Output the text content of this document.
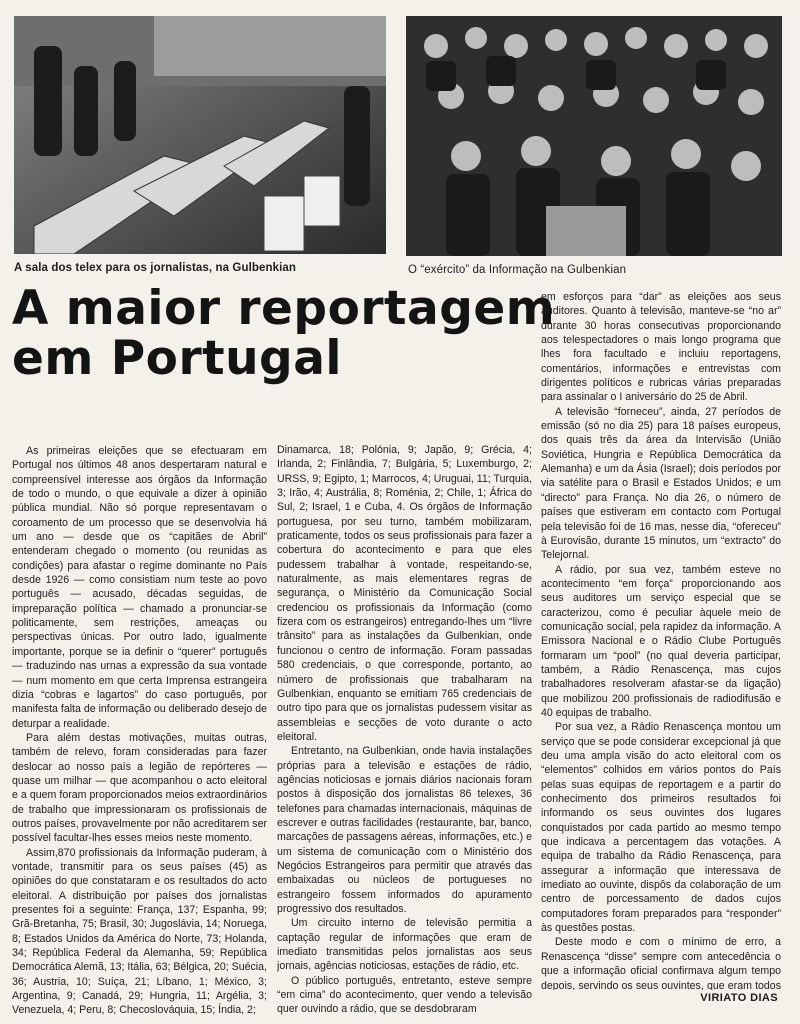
A sala dos telex para os jornalistas, na Gulbenkian	O “exército” da Informação na Gulbenkian
A maior reportagem
em Portugal

As primeiras eleições que se efectuaram em Portugal nos últimos 48 anos despertaram natural e compreensível interesse aos órgãos da Informação de todo o mundo, o que equivale a dizer à opinião pública mundial. Não só porque representavam o coroamento de um processo que se desenvolvia há um ano — desde que os “capitães de Abril” entenderam chegado o momento (ou reunidas as condições) para afastar o regime dominante no País desde 1926 — como consistiam num teste ao povo português — acusado, décadas seguidas, de impreparação política — chamado a pronunciar-se politicamente, sem restrições, ameaças ou perspectivas únicas. Por outro lado, igualmente importante, porque se ia definir o “querer” português — traduzindo nas urnas a expressão da sua vontade — num momento em que certa Imprensa estrangeira dizia “cobras e lagartos” do caso português, por manifesta falta de informação ou deliberado desejo de deturpar a realidade.

Para além destas motivações, muitas outras, também de relevo, foram consideradas para fazer deslocar ao nosso país a legião de repórteres — quase um milhar — que acompanhou o acto eleitoral e a quem foram proporcionados meios extraordinários de trabalho que impressionaram os profissionais de outros países, provavelmente por não acreditarem ser possível facultar-lhes esses meios neste momento.

Assim,870 profissionais da Informação puderam, à vontade, transmitir para os seus países (45) as opiniões do que constataram e os resultados do acto eleitoral. A distribuição por países dos jornalistas presentes foi a seguinte: França, 137; Espanha, 99; Grã-Bretanha, 75; Brasil, 30; Jugoslávia, 14; Noruega, 8; Estados Unidos da América do Norte, 73; Holanda, 34; República Federal da Alemanha, 59; República Democrática Alemã, 13; Itália, 63; Bélgica, 20; Suécia, 36; Austria, 10; Suíça, 21; Líbano, 1; México, 3; Argentina, 9; Canadá, 29; Hungria, 11; Argélia, 3; Venezuela, 4; Peru, 8; Checoslováquia, 15; Índia, 2;

Dinamarca, 18; Polónia, 9; Japão, 9; Grécia, 4; Irlanda, 2; Finlândia, 7; Bulgária, 5; Luxemburgo, 2; URSS, 9; Egipto, 1; Marrocos, 4; Uruguai, 11; Turquia, 3; Irão, 4; Austrália, 8; Roménia, 2; Chile, 1; África do Sul, 2; Israel, 1 e Cuba, 4. Os órgãos de Informação portuguesa, por seu turno, também mobilizaram, praticamente, todos os seus profissionais para fazer a cobertura do acontecimento e para que eles pudessem trabalhar à vontade, respeitando-se, naturalmente, as mais elementares regras de segurança, o Ministério da Comunicação Social credenciou os profissionais da Informação (como fizera com os estrangeiros) entregando-lhes um “livre trânsito” para as instalações da Gulbenkian, onde funcionou o centro de informação. Foram passadas 580 credenciais, o que corresponde, portanto, ao número de profissionais que trabalharam na Gulbenkian, enquanto se emitiam 765 credenciais de outro tipo para que os jornalistas pudessem visitar as assembleias e secções de voto durante o acto eleitoral.

Entretanto, na Gulbenkian, onde havia instalações próprias para a televisão e estações de rádio, agências noticiosas e jornais diários nacionais foram postos à disposição dos jornalistas 86 telexes, 36 telefones para chamadas internacionais, máquinas de escrever e outras facilidades (restaurante, bar, banco, marcações de passagens aéreas, informações, etc.) e um sistema de comunicação com o Ministério dos Negócios Estrangeiros para permitir que através das embaixadas ou núcleos de portugueses no estrangeiro fossem informados do apuramento progressivo dos resultados.

Um circuito interno de televisão permitia a captação regular de informações que eram de imediato transmitidas pelos jornalistas aos seus jornais, agências noticiosas, estações de rádio, etc.

O público português, entretanto, esteve sempre “em cima” do acontecimento, quer vendo a televisão quer ouvindo a rádio, que se desdobraram

em esforços para “dar” as eleições aos seus auditores. Quanto à televisão, manteve-se “no ar” durante 30 horas consecutivas proporcionando aos telespectadores o mais longo programa que lhes fora facultado e incluiu reportagens, comentários, informações e entrevistas com dirigentes políticos e rubricas várias preparadas para assinalar o I aniversário do 25 de Abril.

A televisão “forneceu”, ainda, 27 períodos de emissão (só no dia 25) para 18 países europeus, dos quais três da área da Intervisão (União Soviética, Hungria e República Democrática da Alemanha) e um da Ásia (Israel); dois períodos por via satélite para o Brasil e Estados Unidos; e um “directo” para França. No dia 26, o número de países que estiveram em contacto com Portugal pela televisão foi de 16 mas, nesse dia, “ofereceu” à Eurovisão, durante 15 minutos, um “extracto” do Telejornal.

A rádio, por sua vez, também esteve no acontecimento “em força” proporcionando aos seus auditores um serviço especial que se caracterizou, como é peculiar àquele meio de comunicação social, pela rapidez da informação. A Emissora Nacional e o Rádio Clube Português formaram um “pool” (no qual deveria participar, também, a Rádio Renascença, mas cujos trabalhadores resolveram afastar-se da ligação) que mobilizou 200 profissionais de radiodifusão e 40 equipas de trabalho.

Por sua vez, a Rádio Renascença montou um serviço que se pode considerar excepcional já que deu uma ampla visão do acto eleitoral com os “elementos” colhidos em vários pontos do País pelas suas equipas de reportagem e a partir do conhecimento dos primeiros resultados foi informando os seus ouvintes dos lugares conquistados por cada partido ao mesmo tempo que indicava a percentagem das votações. A equipa de trabalho da Rádio Renascença, para assegurar a informação que interessava de imediato ao ouvinte, dispôs da colaboração de um centro de porcessamento de dados cujos computadores foram preparados para “responder” às questões postas.

Deste modo e com o mínimo de erro, a Renascença “disse” sempre com antecedência o que a informação oficial confirmava algum tempo depois, servindo os seus ouvintes, que eram todos

VIRIATO DIAS
